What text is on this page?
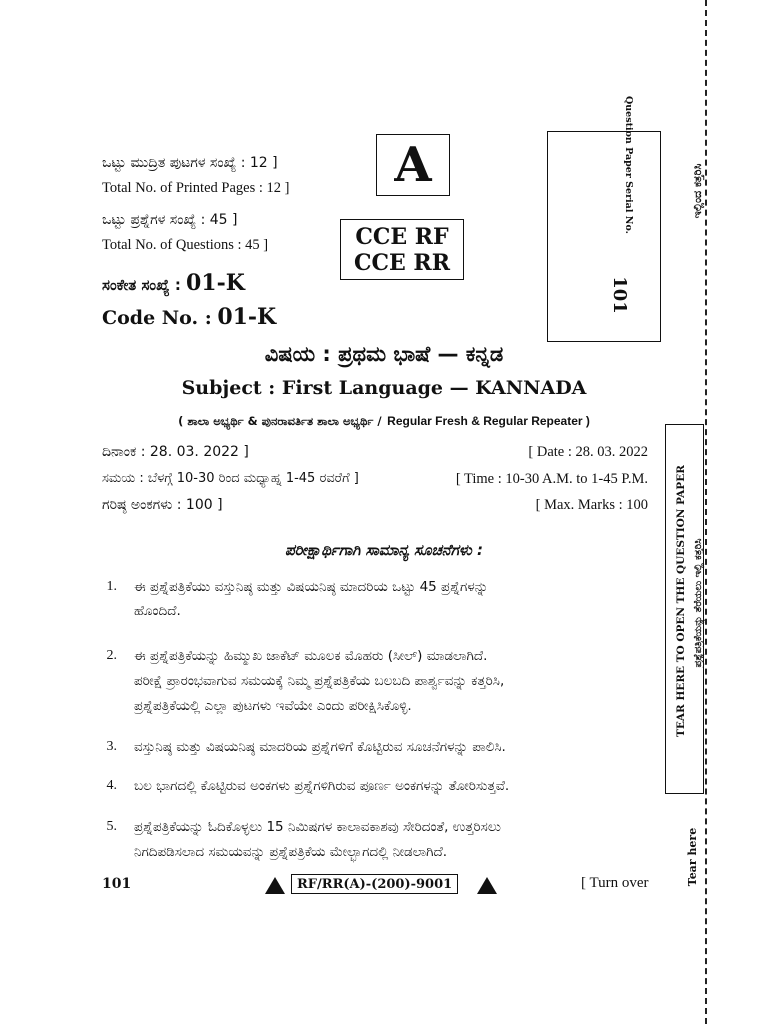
ಒಟ್ಟು ಮುದ್ರಿತ ಪುಟಗಳ ಸಂಖ್ಯೆ : 12 ]
Total No. of Printed Pages : 12 ]
ಒಟ್ಟು ಪ್ರಶ್ನೆಗಳ ಸಂಖ್ಯೆ : 45 ]
Total No. of Questions : 45 ]
ಸಂಕೇತ ಸಂಖ್ಯೆ : 01-K
Code No. : 01-K
A
CCE RF
CCE RR
Question Paper Serial No.
101
ವಿಷಯ : ಪ್ರಥಮ ಭಾಷೆ — ಕನ್ನಡ
Subject : First Language — KANNADA
( ಶಾಲಾ ಅಭ್ಯರ್ಥಿ & ಪುನರಾವರ್ತಿತ ಶಾಲಾ ಅಭ್ಯರ್ಥಿ / Regular Fresh & Regular Repeater )
ದಿನಾಂಕ : 28. 03. 2022 ]	[ Date : 28. 03. 2022
ಸಮಯ : ಬೆಳಗ್ಗೆ 10-30 ರಿಂದ ಮಧ್ಯಾಹ್ನ 1-45 ರವರೆಗೆ ]	[ Time : 10-30 A.M. to 1-45 P.M.
ಗರಿಷ್ಠ ಅಂಕಗಳು : 100 ]	[ Max. Marks : 100
ಪರೀಕ್ಷಾರ್ಥಿಗಾಗಿ ಸಾಮಾನ್ಯ ಸೂಚನೆಗಳು :
1. ಈ ಪ್ರಶ್ನೆಪತ್ರಿಕೆಯು ವಸ್ತುನಿಷ್ಠ ಮತ್ತು ವಿಷಯನಿಷ್ಠ ಮಾದರಿಯ ಒಟ್ಟು 45 ಪ್ರಶ್ನೆಗಳನ್ನು
ಹೊಂದಿದೆ.
2. ಈ ಪ್ರಶ್ನೆಪತ್ರಿಕೆಯನ್ನು ಹಿಮ್ಮುಖ ಜಾಕೆಟ್ ಮೂಲಕ ಮೊಹರು (ಸೀಲ್) ಮಾಡಲಾಗಿದೆ.
ಪರೀಕ್ಷೆ ಪ್ರಾರಂಭವಾಗುವ ಸಮಯಕ್ಕೆ ನಿಮ್ಮ ಪ್ರಶ್ನೆಪತ್ರಿಕೆಯ ಬಲಬದಿ ಪಾರ್ಶ್ವವನ್ನು ಕತ್ತರಿಸಿ,
ಪ್ರಶ್ನೆಪತ್ರಿಕೆಯಲ್ಲಿ ಎಲ್ಲಾ ಪುಟಗಳು ಇವೆಯೇ ಎಂದು ಪರೀಕ್ಷಿಸಿಕೊಳ್ಳಿ.
3. ವಸ್ತುನಿಷ್ಠ ಮತ್ತು ವಿಷಯನಿಷ್ಠ ಮಾದರಿಯ ಪ್ರಶ್ನೆಗಳಿಗೆ ಕೊಟ್ಟಿರುವ ಸೂಚನೆಗಳನ್ನು ಪಾಲಿಸಿ.
4. ಬಲ ಭಾಗದಲ್ಲಿ ಕೊಟ್ಟಿರುವ ಅಂಕಗಳು ಪ್ರಶ್ನೆಗಳಿಗಿರುವ ಪೂರ್ಣ ಅಂಕಗಳನ್ನು ತೋರಿಸುತ್ತವೆ.
5. ಪ್ರಶ್ನೆಪತ್ರಿಕೆಯನ್ನು ಓದಿಕೊಳ್ಳಲು 15 ನಿಮಿಷಗಳ ಕಾಲಾವಕಾಶವು ಸೇರಿದಂತೆ, ಉತ್ತರಿಸಲು
ನಿಗದಿಪಡಿಸಲಾದ ಸಮಯವನ್ನು ಪ್ರಶ್ನೆಪತ್ರಿಕೆಯ ಮೇಲ್ಭಾಗದಲ್ಲಿ ನೀಡಲಾಗಿದೆ.
101	RF/RR(A)-(200)-9001	[ Turn over
ಇಲ್ಲಿಂದ ಕತ್ತರಿಸಿ
TEAR HERE TO OPEN THE QUESTION PAPER ಪ್ರಶ್ನೆಪತ್ರಿಕೆಯನ್ನು ತೆರೆಯಲು ಇಲ್ಲಿ ಕತ್ತರಿಸಿ
Tear here
